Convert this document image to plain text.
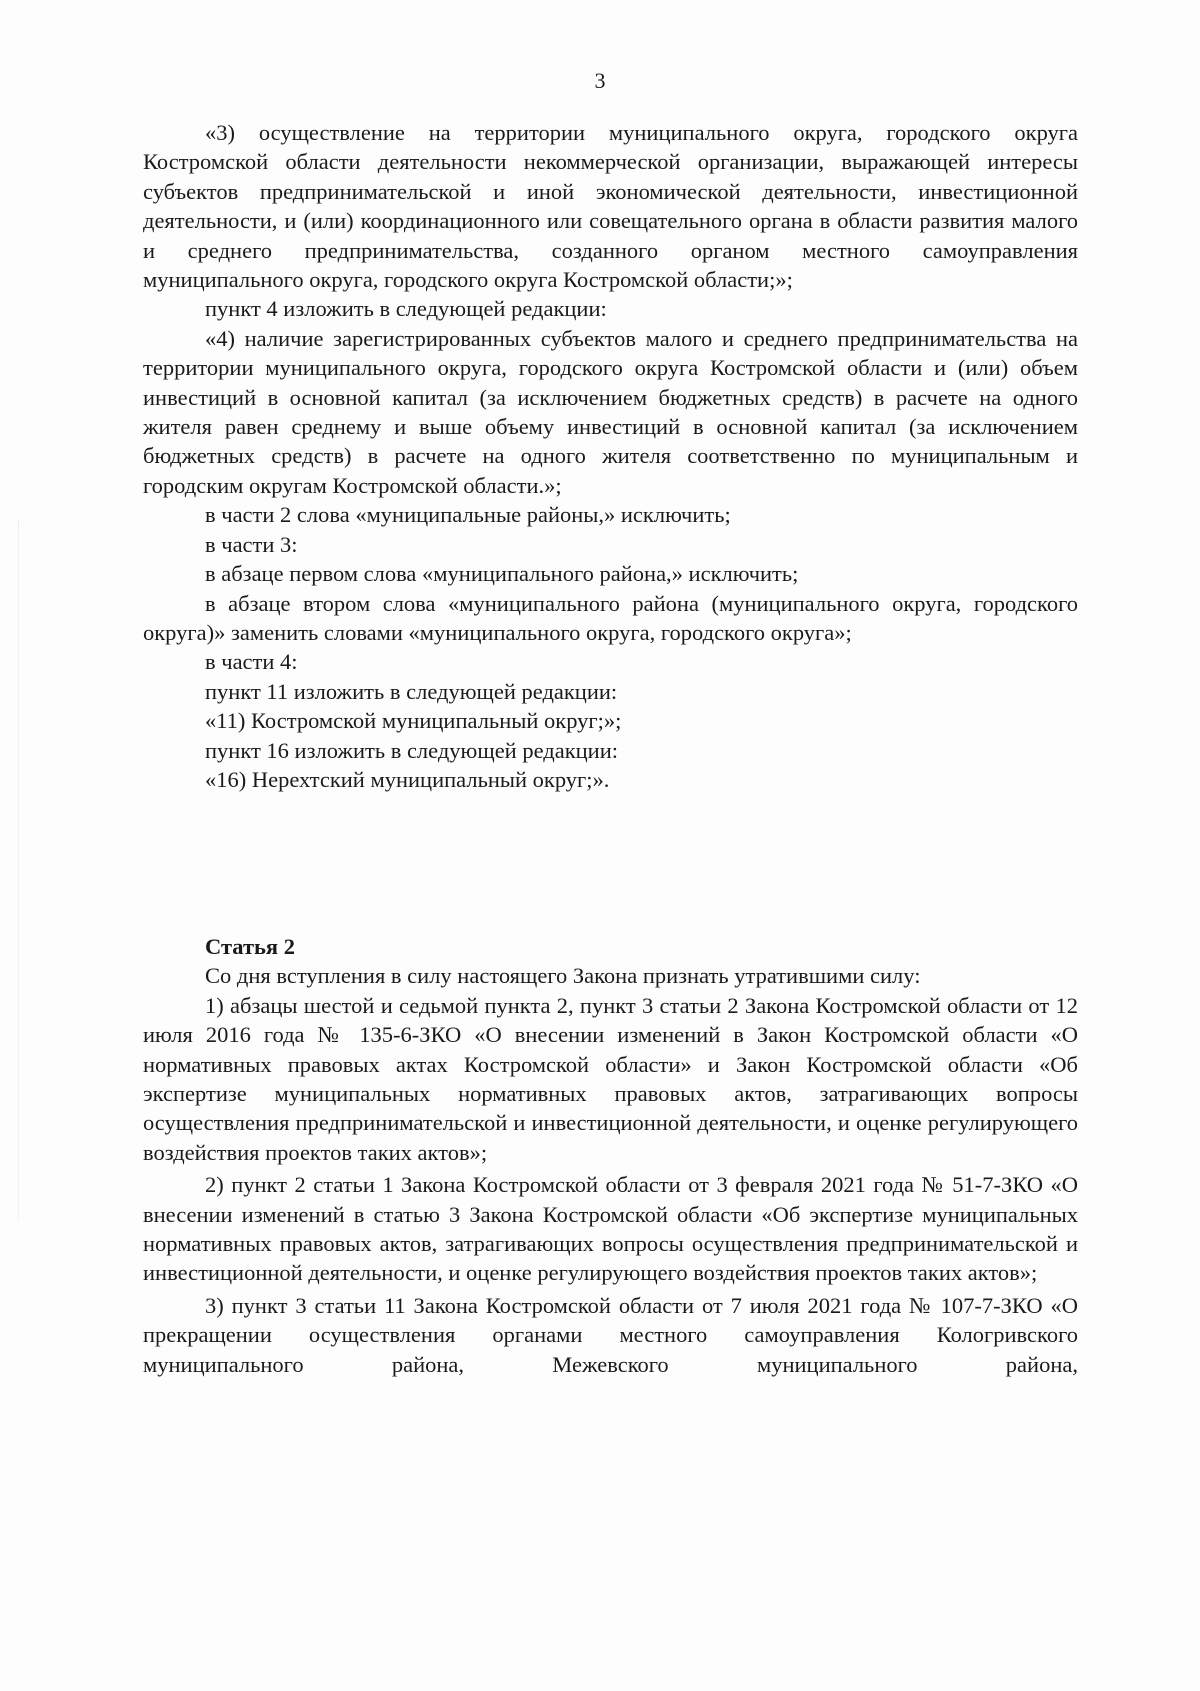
3

«3) осуществление на территории муниципального округа, городского округа Костромской области деятельности некоммерческой организации, выражающей интересы субъектов предпринимательской и иной экономической деятельности, инвестиционной деятельности, и (или) координационного или совещательного органа в области развития малого и среднего предпринимательства, созданного органом местного самоуправления муниципального округа, городского округа Костромской области;»;

пункт 4 изложить в следующей редакции:

«4) наличие зарегистрированных субъектов малого и среднего предпринимательства на территории муниципального округа, городского округа Костромской области и (или) объем инвестиций в основной капитал (за исключением бюджетных средств) в расчете на одного жителя равен среднему и выше объему инвестиций в основной капитал (за исключением бюджетных средств) в расчете на одного жителя соответственно по муниципальным и городским округам Костромской области.»;

в части 2 слова «муниципальные районы,» исключить;

в части 3:

в абзаце первом слова «муниципального района,» исключить;

в абзаце втором слова «муниципального района (муниципального округа, городского округа)» заменить словами «муниципального округа, городского округа»;

в части 4:

пункт 11 изложить в следующей редакции:

«11) Костромской муниципальный округ;»;

пункт 16 изложить в следующей редакции:

«16) Нерехтский муниципальный округ;».

Статья 2

Со дня вступления в силу настоящего Закона признать утратившими силу:

1) абзацы шестой и седьмой пункта 2, пункт 3 статьи 2 Закона Костромской области от 12 июля 2016 года № 135-6-ЗКО «О внесении изменений в Закон Костромской области «О нормативных правовых актах Костромской области» и Закон Костромской области «Об экспертизе муниципальных нормативных правовых актов, затрагивающих вопросы осуществления предпринимательской и инвестиционной деятельности, и оценке регулирующего воздействия проектов таких актов»;

2) пункт 2 статьи 1 Закона Костромской области от 3 февраля 2021 года № 51-7-ЗКО «О внесении изменений в статью 3 Закона Костромской области «Об экспертизе муниципальных нормативных правовых актов, затрагивающих вопросы осуществления предпринимательской и инвестиционной деятельности, и оценке регулирующего воздействия проектов таких актов»;

3) пункт 3 статьи 11 Закона Костромской области от 7 июля 2021 года № 107-7-ЗКО «О прекращении осуществления органами местного самоуправления Кологривского муниципального района, Межевского муниципального района,
